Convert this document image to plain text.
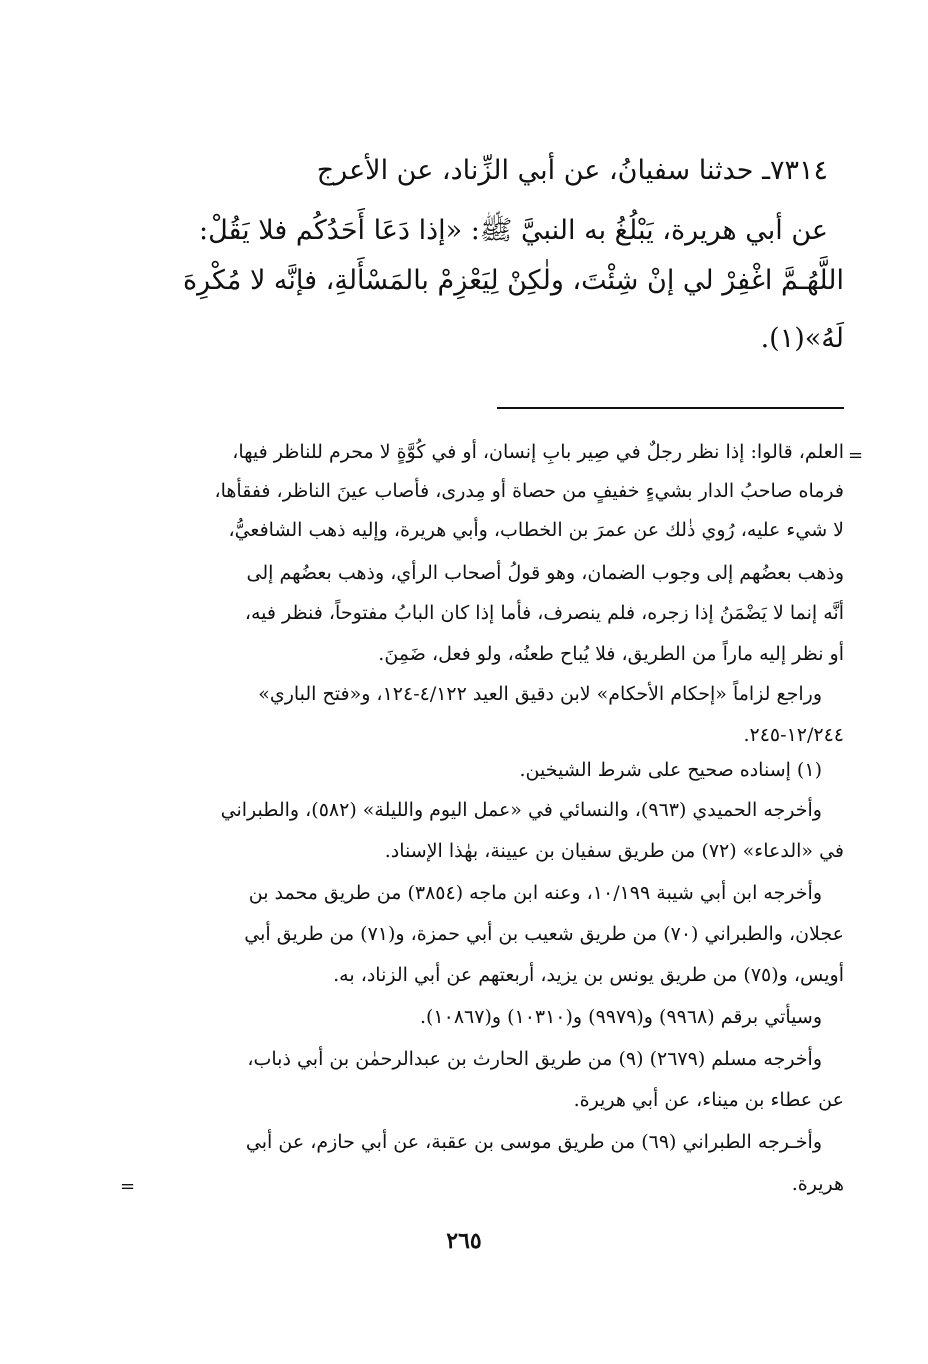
٧٣١٤ـ حدثنا سفيانُ، عن أبي الزِّناد، عن الأعرج
عن أبي هريرة، يَبْلُغُ به النبيَّ ﷺ: «إذا دَعَا أَحَدُكُم فلا يَقُلْ:
اللَّهُـمَّ اغْفِرْ لي إنْ شِئْتَ، ولٰكِنْ لِيَعْزِمْ بالمَسْأَلةِ، فإنَّه لا مُكْرِهَ
لَهُ»(١).
=
=
العلم، قالوا: إذا نظر رجلٌ في صِير بابِ إنسان، أو في كُوَّةٍ لا محرم للناظر فيها،
فرماه صاحبُ الدار بشيءٍ خفيفٍ من حصاة أو مِدرى، فأصاب عينَ الناظر، ففقأها،
لا شيء عليه، رُوي ذٰلك عن عمرَ بن الخطاب، وأبي هريرة، وإليه ذهب الشافعيُّ،
وذهب بعضُهم إلى وجوب الضمان، وهو قولُ أصحاب الرأي، وذهب بعضُهم إلى
أنَّه إنما لا يَضْمَنُ إذا زجره، فلم ينصرف، فأما إذا كان البابُ مفتوحاً، فنظر فيه،
أو نظر إليه ماراً من الطريق، فلا يُباح طعنُه، ولو فعل، ضَمِنَ.
وراجع لزاماً «إحكام الأحكام» لابن دقيق العيد ٤/١٢٢-١٢٤، و«فتح الباري»
١٢/٢٤٤-٢٤٥.
(١) إسناده صحيح على شرط الشيخين.
وأخرجه الحميدي (٩٦٣)، والنسائي في «عمل اليوم والليلة» (٥٨٢)، والطبراني
في «الدعاء» (٧٢) من طريق سفيان بن عيينة، بهٰذا الإسناد.
وأخرجه ابن أبي شيبة ١٠/١٩٩، وعنه ابن ماجه (٣٨٥٤) من طريق محمد بن
عجلان، والطبراني (٧٠) من طريق شعيب بن أبي حمزة، و(٧١) من طريق أبي
أويس، و(٧٥) من طريق يونس بن يزيد، أربعتهم عن أبي الزناد، به.
وسيأتي برقم (٩٩٦٨) و(٩٩٧٩) و(١٠٣١٠) و(١٠٨٦٧).
وأخرجه مسلم (٢٦٧٩) (٩) من طريق الحارث بن عبدالرحمٰن بن أبي ذباب،
عن عطاء بن ميناء، عن أبي هريرة.
وأخـرجه الطبراني (٦٩) من طريق موسى بن عقبة، عن أبي حازم، عن أبي
هريرة.
٢٦٥
